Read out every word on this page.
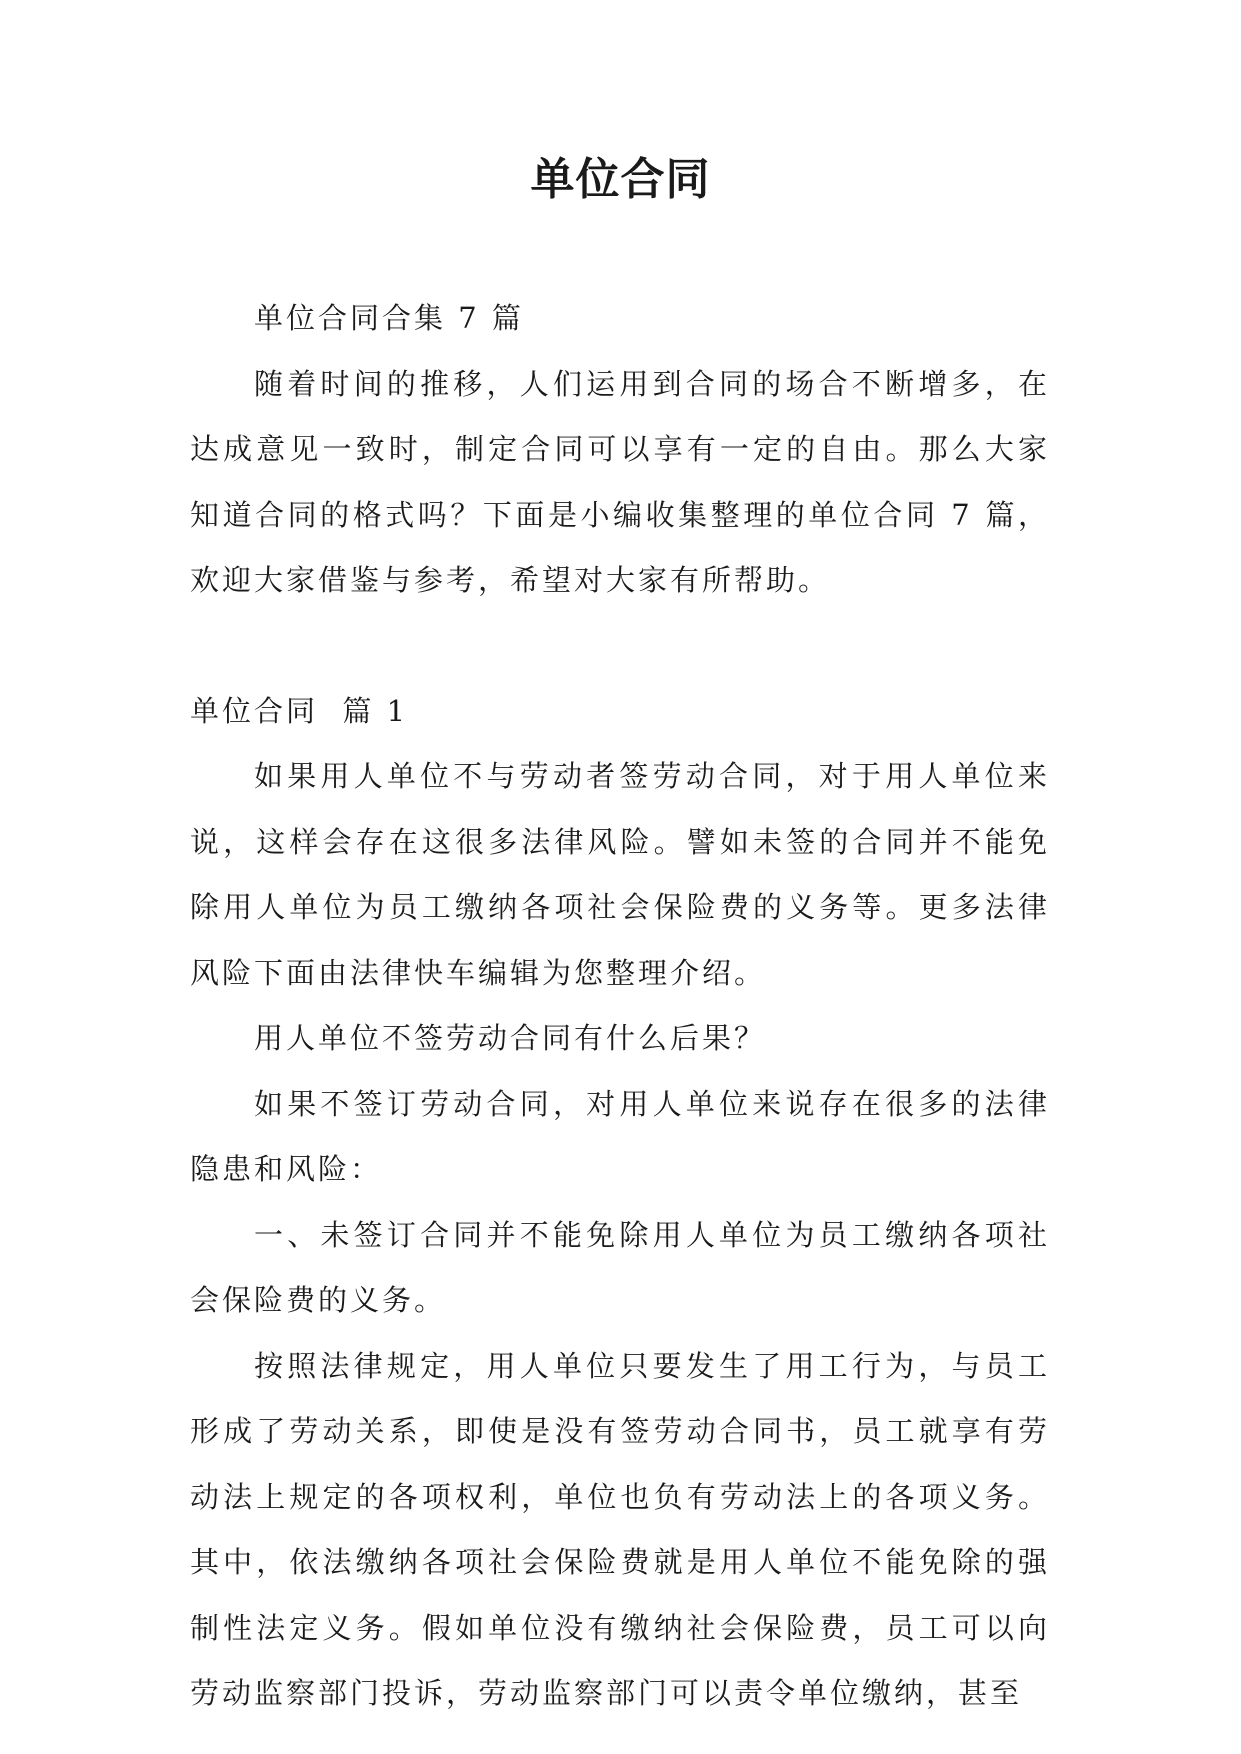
单位合同

单位合同合集 7 篇

随着时间的推移，人们运用到合同的场合不断增多，在达成意见一致时，制定合同可以享有一定的自由。那么大家知道合同的格式吗？下面是小编收集整理的单位合同 7 篇，欢迎大家借鉴与参考，希望对大家有所帮助。

单位合同  篇 1

如果用人单位不与劳动者签劳动合同，对于用人单位来说，这样会存在这很多法律风险。譬如未签的合同并不能免除用人单位为员工缴纳各项社会保险费的义务等。更多法律风险下面由法律快车编辑为您整理介绍。

用人单位不签劳动合同有什么后果？

如果不签订劳动合同，对用人单位来说存在很多的法律隐患和风险：

一、未签订合同并不能免除用人单位为员工缴纳各项社会保险费的义务。

按照法律规定，用人单位只要发生了用工行为，与员工形成了劳动关系，即使是没有签劳动合同书，员工就享有劳动法上规定的各项权利，单位也负有劳动法上的各项义务。其中，依法缴纳各项社会保险费就是用人单位不能免除的强制性法定义务。假如单位没有缴纳社会保险费，员工可以向劳动监察部门投诉，劳动监察部门可以责令单位缴纳，甚至
